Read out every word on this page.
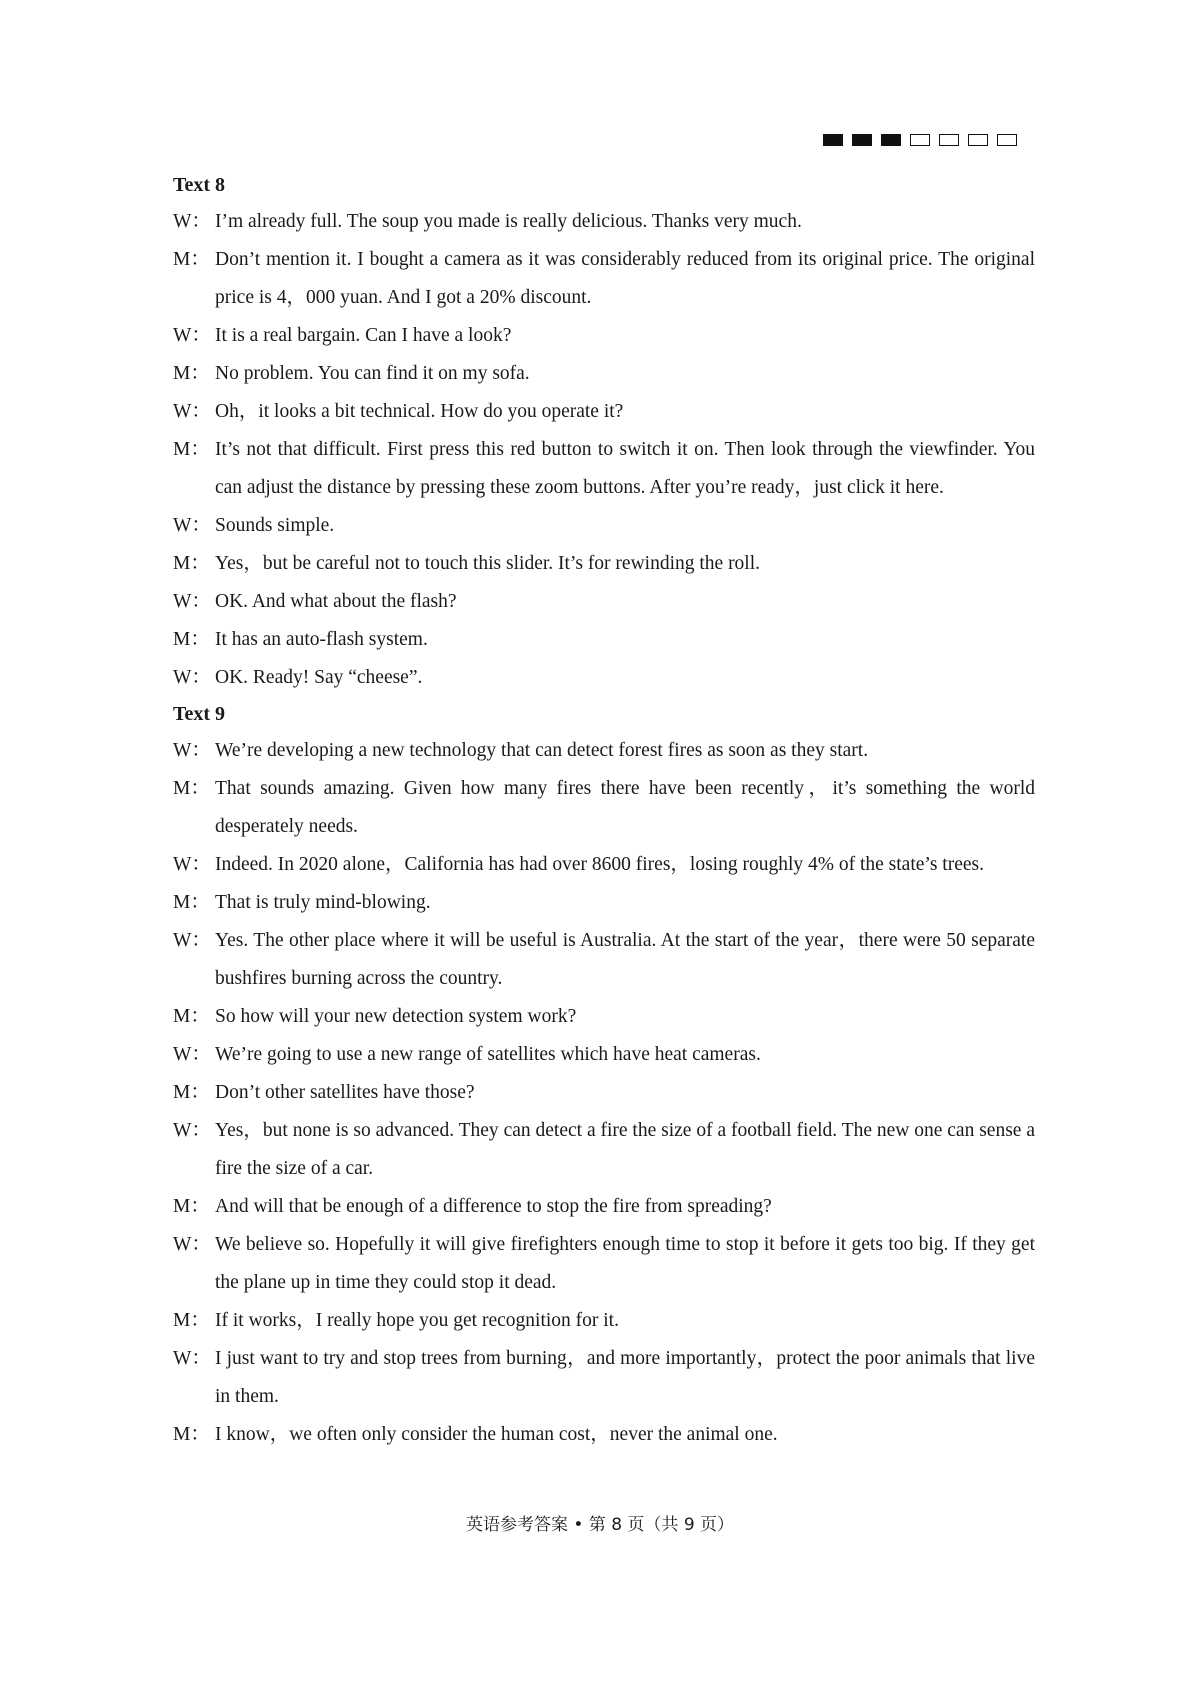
Text 8
W： I’m already full. The soup you made is really delicious. Thanks very much.
M： Don’t mention it. I bought a camera as it was considerably reduced from its original price. The original price is 4，000 yuan. And I got a 20% discount.
W： It is a real bargain. Can I have a look?
M： No problem. You can find it on my sofa.
W： Oh，it looks a bit technical. How do you operate it?
M： It’s not that difficult. First press this red button to switch it on. Then look through the viewfinder. You can adjust the distance by pressing these zoom buttons. After you’re ready，just click it here.
W： Sounds simple.
M： Yes，but be careful not to touch this slider. It’s for rewinding the roll.
W： OK. And what about the flash?
M： It has an auto-flash system.
W： OK. Ready! Say “cheese”.
Text 9
W： We’re developing a new technology that can detect forest fires as soon as they start.
M： That sounds amazing. Given how many fires there have been recently，it’s something the world desperately needs.
W： Indeed. In 2020 alone，California has had over 8600 fires，losing roughly 4% of the state’s trees.
M： That is truly mind-blowing.
W： Yes. The other place where it will be useful is Australia. At the start of the year，there were 50 separate bushfires burning across the country.
M： So how will your new detection system work?
W： We’re going to use a new range of satellites which have heat cameras.
M： Don’t other satellites have those?
W： Yes，but none is so advanced. They can detect a fire the size of a football field. The new one can sense a fire the size of a car.
M： And will that be enough of a difference to stop the fire from spreading?
W： We believe so. Hopefully it will give firefighters enough time to stop it before it gets too big. If they get the plane up in time they could stop it dead.
M： If it works，I really hope you get recognition for it.
W： I just want to try and stop trees from burning，and more importantly，protect the poor animals that live in them.
M： I know，we often only consider the human cost，never the animal one.
英语参考答案 • 第 8 页（共 9 页）
